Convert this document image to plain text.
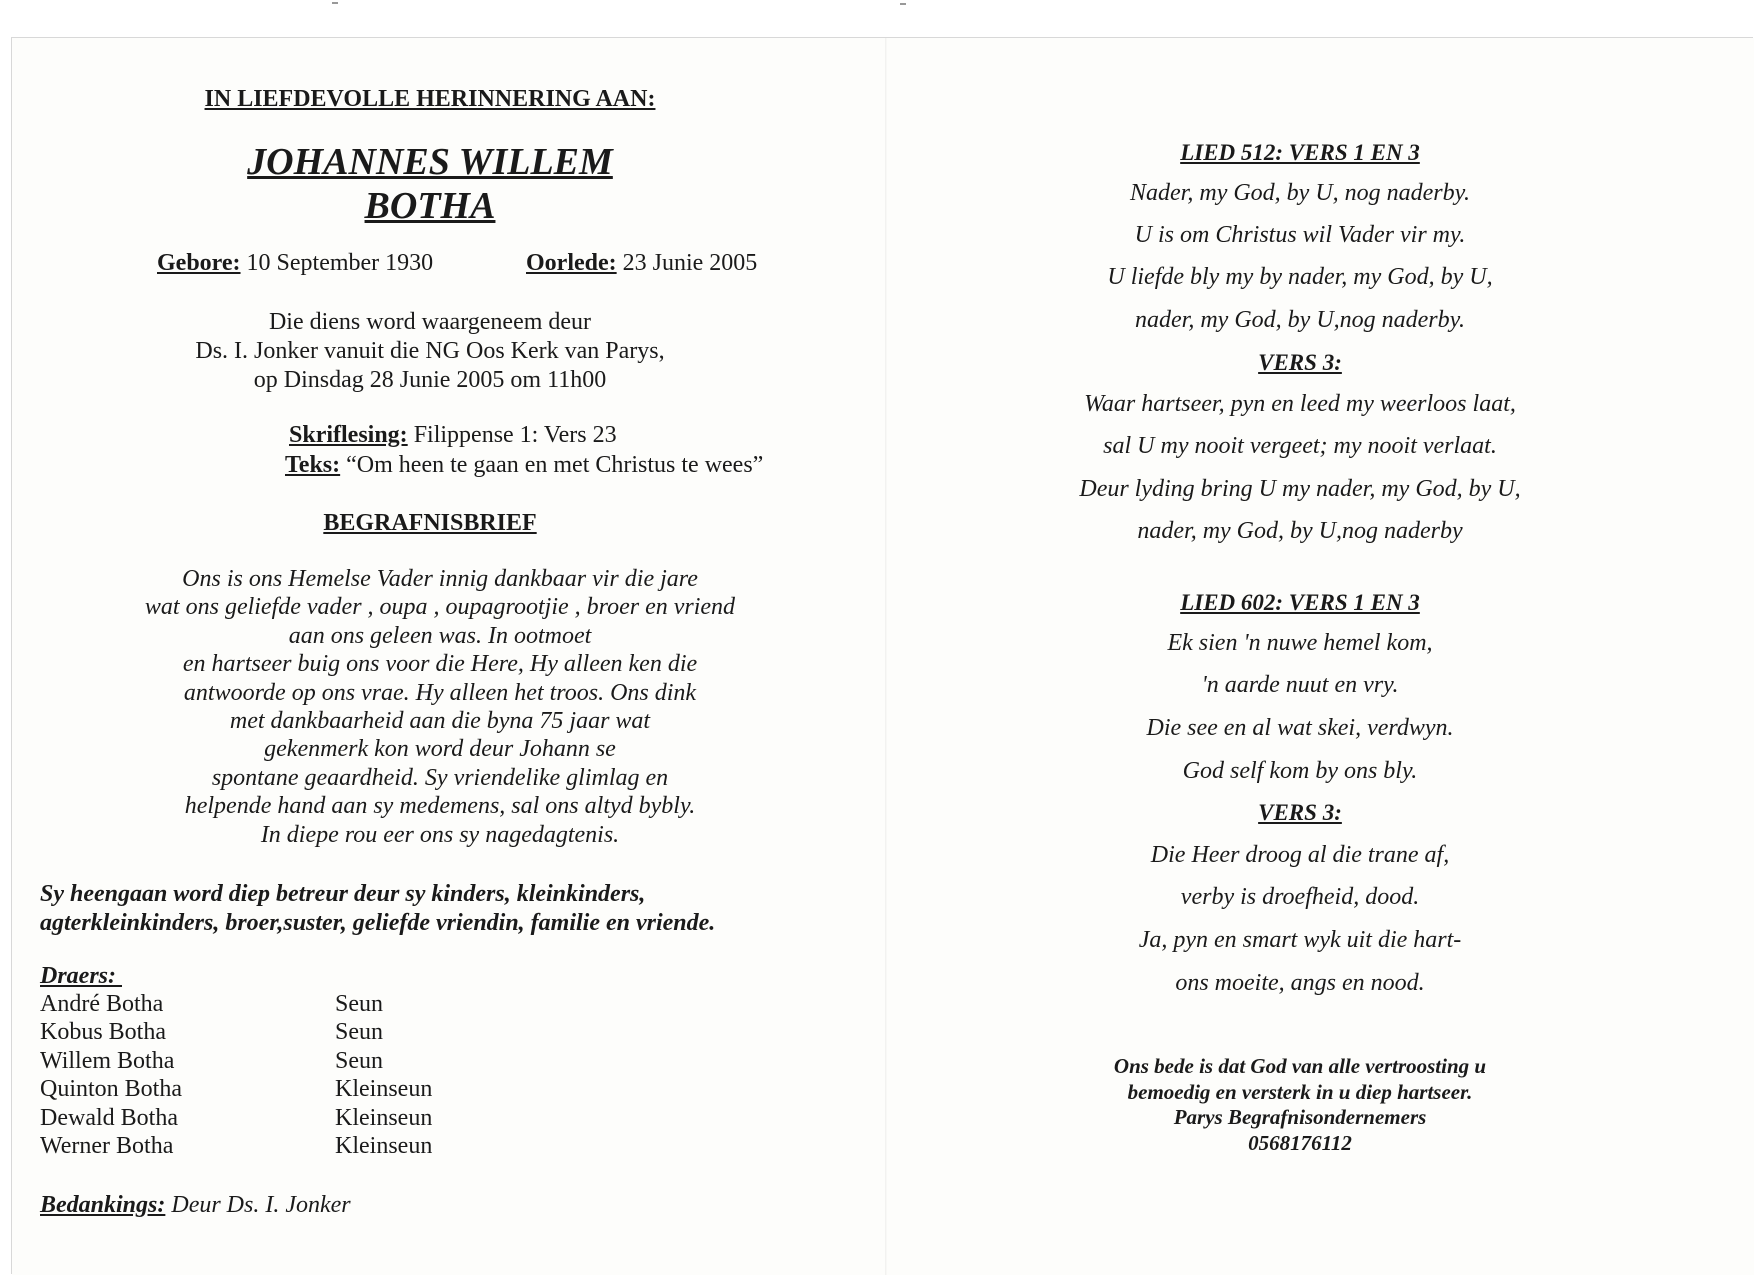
IN LIEFDEVOLLE HERINNERING AAN:
JOHANNES WILLEM
BOTHA
Gebore: 10 September 1930	Oorlede: 23 Junie 2005
Die diens word waargeneem deur
Ds. I. Jonker vanuit die NG Oos Kerk van Parys,
op Dinsdag 28 Junie 2005 om 11h00
Skriflesing: Filippense 1: Vers 23
Teks: “Om heen te gaan en met Christus te wees”
BEGRAFNISBRIEF
Ons is ons Hemelse Vader innig dankbaar vir die jare
wat ons geliefde vader , oupa , oupagrootjie , broer en vriend
aan ons geleen was. In ootmoet
en hartseer buig ons voor die Here, Hy alleen ken die
antwoorde op ons vrae. Hy alleen het troos. Ons dink
met dankbaarheid aan die byna 75 jaar wat
gekenmerk kon word deur Johann se
spontane geaardheid. Sy vriendelike glimlag en
helpende hand aan sy medemens, sal ons altyd bybly.
In diepe rou eer ons sy nagedagtenis.
Sy heengaan word diep betreur deur sy kinders, kleinkinders,
agterkleinkinders, broer,suster, geliefde vriendin, familie en vriende.
Draers:
André Botha	Seun
Kobus Botha	Seun
Willem Botha	Seun
Quinton Botha	Kleinseun
Dewald Botha	Kleinseun
Werner Botha	Kleinseun
Bedankings: Deur Ds. I. Jonker
LIED 512: VERS 1 EN 3
Nader, my God, by U, nog naderby.
U is om Christus wil Vader vir my.
U liefde bly my by nader, my God, by U,
nader, my God, by U,nog naderby.
VERS 3:
Waar hartseer, pyn en leed my weerloos laat,
sal U my nooit vergeet; my nooit verlaat.
Deur lyding bring U my nader, my God, by U,
nader, my God, by U,nog naderby
LIED 602: VERS 1 EN 3
Ek sien 'n nuwe hemel kom,
'n aarde nuut en vry.
Die see en al wat skei, verdwyn.
God self kom by ons bly.
VERS 3:
Die Heer droog al die trane af,
verby is droefheid, dood.
Ja, pyn en smart wyk uit die hart-
ons moeite, angs en nood.
Ons bede is dat God van alle vertroosting u
bemoedig en versterk in u diep hartseer.
Parys Begrafnisondernemers
0568176112
